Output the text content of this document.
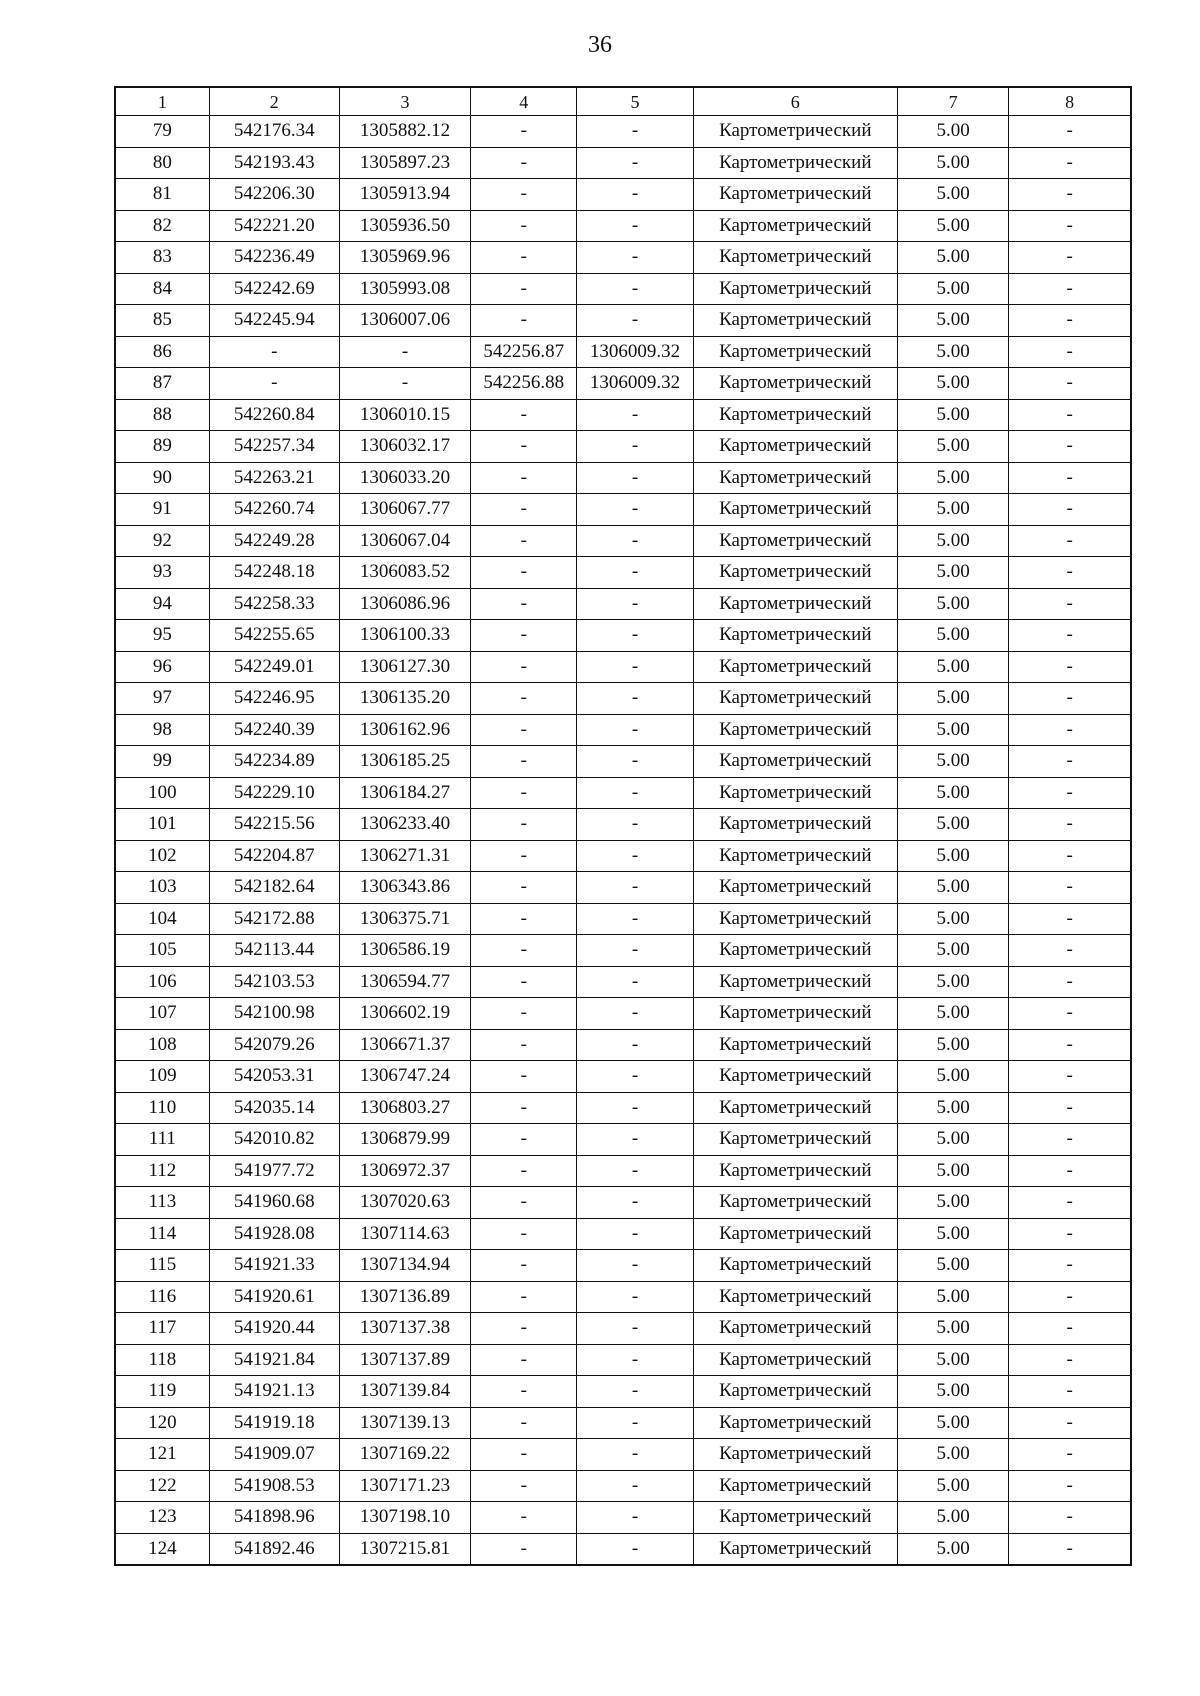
36
1	2	3	4	5	6	7	8
79	542176.34	1305882.12	-	-	Картометрический	5.00	-
80	542193.43	1305897.23	-	-	Картометрический	5.00	-
81	542206.30	1305913.94	-	-	Картометрический	5.00	-
82	542221.20	1305936.50	-	-	Картометрический	5.00	-
83	542236.49	1305969.96	-	-	Картометрический	5.00	-
84	542242.69	1305993.08	-	-	Картометрический	5.00	-
85	542245.94	1306007.06	-	-	Картометрический	5.00	-
86	-	-	542256.87	1306009.32	Картометрический	5.00	-
87	-	-	542256.88	1306009.32	Картометрический	5.00	-
88	542260.84	1306010.15	-	-	Картометрический	5.00	-
89	542257.34	1306032.17	-	-	Картометрический	5.00	-
90	542263.21	1306033.20	-	-	Картометрический	5.00	-
91	542260.74	1306067.77	-	-	Картометрический	5.00	-
92	542249.28	1306067.04	-	-	Картометрический	5.00	-
93	542248.18	1306083.52	-	-	Картометрический	5.00	-
94	542258.33	1306086.96	-	-	Картометрический	5.00	-
95	542255.65	1306100.33	-	-	Картометрический	5.00	-
96	542249.01	1306127.30	-	-	Картометрический	5.00	-
97	542246.95	1306135.20	-	-	Картометрический	5.00	-
98	542240.39	1306162.96	-	-	Картометрический	5.00	-
99	542234.89	1306185.25	-	-	Картометрический	5.00	-
100	542229.10	1306184.27	-	-	Картометрический	5.00	-
101	542215.56	1306233.40	-	-	Картометрический	5.00	-
102	542204.87	1306271.31	-	-	Картометрический	5.00	-
103	542182.64	1306343.86	-	-	Картометрический	5.00	-
104	542172.88	1306375.71	-	-	Картометрический	5.00	-
105	542113.44	1306586.19	-	-	Картометрический	5.00	-
106	542103.53	1306594.77	-	-	Картометрический	5.00	-
107	542100.98	1306602.19	-	-	Картометрический	5.00	-
108	542079.26	1306671.37	-	-	Картометрический	5.00	-
109	542053.31	1306747.24	-	-	Картометрический	5.00	-
110	542035.14	1306803.27	-	-	Картометрический	5.00	-
111	542010.82	1306879.99	-	-	Картометрический	5.00	-
112	541977.72	1306972.37	-	-	Картометрический	5.00	-
113	541960.68	1307020.63	-	-	Картометрический	5.00	-
114	541928.08	1307114.63	-	-	Картометрический	5.00	-
115	541921.33	1307134.94	-	-	Картометрический	5.00	-
116	541920.61	1307136.89	-	-	Картометрический	5.00	-
117	541920.44	1307137.38	-	-	Картометрический	5.00	-
118	541921.84	1307137.89	-	-	Картометрический	5.00	-
119	541921.13	1307139.84	-	-	Картометрический	5.00	-
120	541919.18	1307139.13	-	-	Картометрический	5.00	-
121	541909.07	1307169.22	-	-	Картометрический	5.00	-
122	541908.53	1307171.23	-	-	Картометрический	5.00	-
123	541898.96	1307198.10	-	-	Картометрический	5.00	-
124	541892.46	1307215.81	-	-	Картометрический	5.00	-
